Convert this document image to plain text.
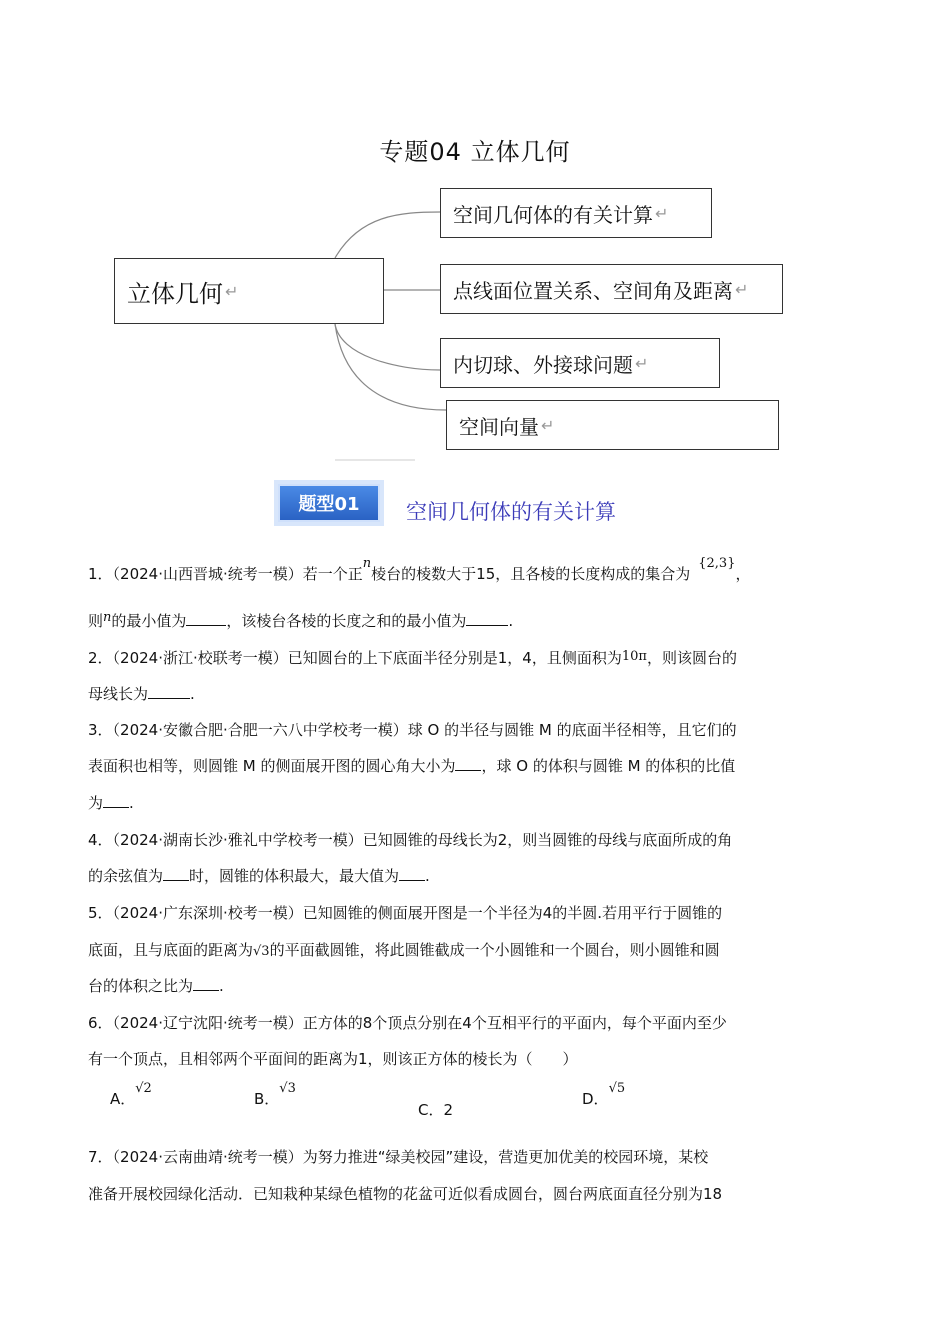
专题04 立体几何
立体几何 ↵
空间几何体的有关计算 ↵
点线面位置关系、空间角及距离 ↵
内切球、外接球问题 ↵
空间向量 ↵
题型01	空间几何体的有关计算
1．（2024·山西晋城·统考一模）若一个正n棱台的棱数大于15，且各棱的长度构成的集合为{2,3}，
则n的最小值为	，该棱台各棱的长度之和的最小值为	.
2．（2024·浙江·校联考一模）已知圆台的上下底面半径分别是1，4，且侧面积为10π，则该圆台的
母线长为	.
3．（2024·安徽合肥·合肥一六八中学校考一模）球 O 的半径与圆锥 M 的底面半径相等，且它们的
表面积也相等，则圆锥 M 的侧面展开图的圆心角大小为 ，球 O 的体积与圆锥 M 的体积的比值
为 .
4．（2024·湖南长沙·雅礼中学校考一模）已知圆锥的母线长为2，则当圆锥的母线与底面所成的角
的余弦值为 时，圆锥的体积最大，最大值为 .
5．（2024·广东深圳·校考一模）已知圆锥的侧面展开图是一个半径为4的半圆.若用平行于圆锥的
底面，且与底面的距离为√3的平面截圆锥，将此圆锥截成一个小圆锥和一个圆台，则小圆锥和圆
台的体积之比为 .
6．（2024·辽宁沈阳·统考一模）正方体的8个顶点分别在4个互相平行的平面内，每个平面内至少
有一个顶点，且相邻两个平面间的距离为1，则该正方体的棱长为（　　）
A．√2
B．√3
C．2
D．√5
7．（2024·云南曲靖·统考一模）为努力推进“绿美校园”建设，营造更加优美的校园环境，某校
准备开展校园绿化活动．已知栽种某绿色植物的花盆可近似看成圆台，圆台两底面直径分别为18
